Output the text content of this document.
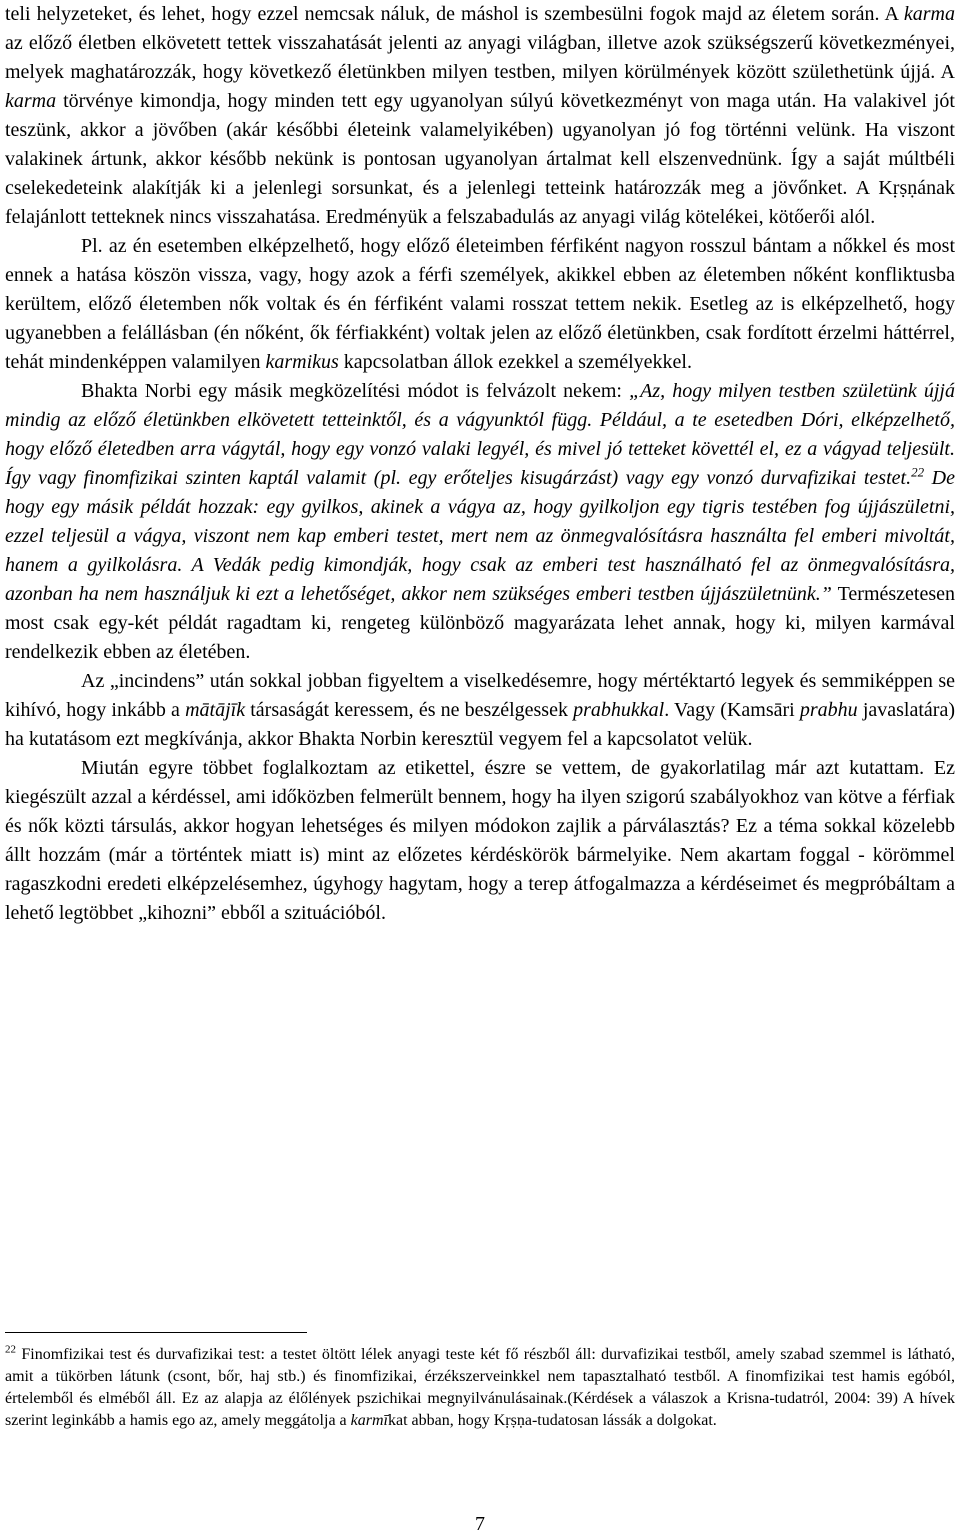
teli helyzeteket, és lehet, hogy ezzel nemcsak náluk, de máshol is szembesülni fogok majd az életem során. A karma az előző életben elkövetett tettek visszahatását jelenti az anyagi világban, illetve azok szükségszerű következményei, melyek maghatározzák, hogy következő életünkben milyen testben, milyen körülmények között születhetünk újjá. A karma törvénye kimondja, hogy minden tett egy ugyanolyan súlyú következményt von maga után. Ha valakivel jót teszünk, akkor a jövőben (akár későbbi életeink valamelyikében) ugyanolyan jó fog történni velünk. Ha viszont valakinek ártunk, akkor később nekünk is pontosan ugyanolyan ártalmat kell elszenvednünk. Így a saját múltbéli cselekedeteink alakítják ki a jelenlegi sorsunkat, és a jelenlegi tetteink határozzák meg a jövőnket. A Kṛṣṇának felajánlott tetteknek nincs visszahatása. Eredményük a felszabadulás az anyagi világ kötelékei, kötőerői alól.

Pl. az én esetemben elképzelhető, hogy előző életeimben férfiként nagyon rosszul bántam a nőkkel és most ennek a hatása köszön vissza, vagy, hogy azok a férfi személyek, akikkel ebben az életemben nőként konfliktusba kerültem, előző életemben nők voltak és én férfiként valami rosszat tettem nekik. Esetleg az is elképzelhető, hogy ugyanebben a felállásban (én nőként, ők férfiakként) voltak jelen az előző életünkben, csak fordított érzelmi háttérrel, tehát mindenképpen valamilyen karmikus kapcsolatban állok ezekkel a személyekkel.

Bhakta Norbi egy másik megközelítési módot is felvázolt nekem: „Az, hogy milyen testben születünk újjá mindig az előző életünkben elkövetett tetteinktől, és a vágyunktól függ. Például, a te esetedben Dóri, elképzelhető, hogy előző életedben arra vágytál, hogy egy vonzó valaki legyél, és mivel jó tetteket követtél el, ez a vágyad teljesült. Így vagy finomfizikai szinten kaptál valamit (pl. egy erőteljes kisugárzást) vagy egy vonzó durvafizikai testet.$^{22}$ De hogy egy másik példát hozzak: egy gyilkos, akinek a vágya az, hogy gyilkoljon egy tigris testében fog újjászületni, ezzel teljesül a vágya, viszont nem kap emberi testet, mert nem az önmegvalósításra használta fel emberi mivoltát, hanem a gyilkolásra. A Vedák pedig kimondják, hogy csak az emberi test használható fel az önmegvalósításra, azonban ha nem használjuk ki ezt a lehetőséget, akkor nem szükséges emberi testben újjászületnünk.” Természetesen most csak egy-két példát ragadtam ki, rengeteg különböző magyarázata lehet annak, hogy ki, milyen karmával rendelkezik ebben az életében.

Az „incindens” után sokkal jobban figyeltem a viselkedésemre, hogy mértéktartó legyek és semmiképpen se kihívó, hogy inkább a mātājīk társaságát keressem, és ne beszélgessek prabhukkal. Vagy (Kamsāri prabhu javaslatára) ha kutatásom ezt megkívánja, akkor Bhakta Norbin keresztül vegyem fel a kapcsolatot velük.

Miután egyre többet foglalkoztam az etikettel, észre se vettem, de gyakorlatilag már azt kutattam. Ez kiegészült azzal a kérdéssel, ami időközben felmerült bennem, hogy ha ilyen szigorú szabályokhoz van kötve a férfiak és nők közti társulás, akkor hogyan lehetséges és milyen módokon zajlik a párválasztás? Ez a téma sokkal közelebb állt hozzám (már a történtek miatt is) mint az előzetes kérdéskörök bármelyike. Nem akartam foggal - körömmel ragaszkodni eredeti elképzelésemhez, úgyhogy hagytam, hogy a terep átfogalmazza a kérdéseimet és megpróbáltam a lehető legtöbbet „kihozni” ebből a szituációból.

$^{22}$ Finomfizikai test és durvafizikai test: a testet öltött lélek anyagi teste két fő részből áll: durvafizikai testből, amely szabad szemmel is látható, amit a tükörben látunk (csont, bőr, haj stb.) és finomfizikai, érzékszerveinkkel nem tapasztalható testből. A finomfizikai test hamis egóból, értelemből és elméből áll. Ez az alapja az élőlények pszichikai megnyilvánulásainak.(Kérdések a válaszok a Krisna-tudatról, 2004: 39) A hívek szerint leginkább a hamis ego az, amely meggátolja a karmīkat abban, hogy Kṛṣṇa-tudatosan lássák a dolgokat.

7
